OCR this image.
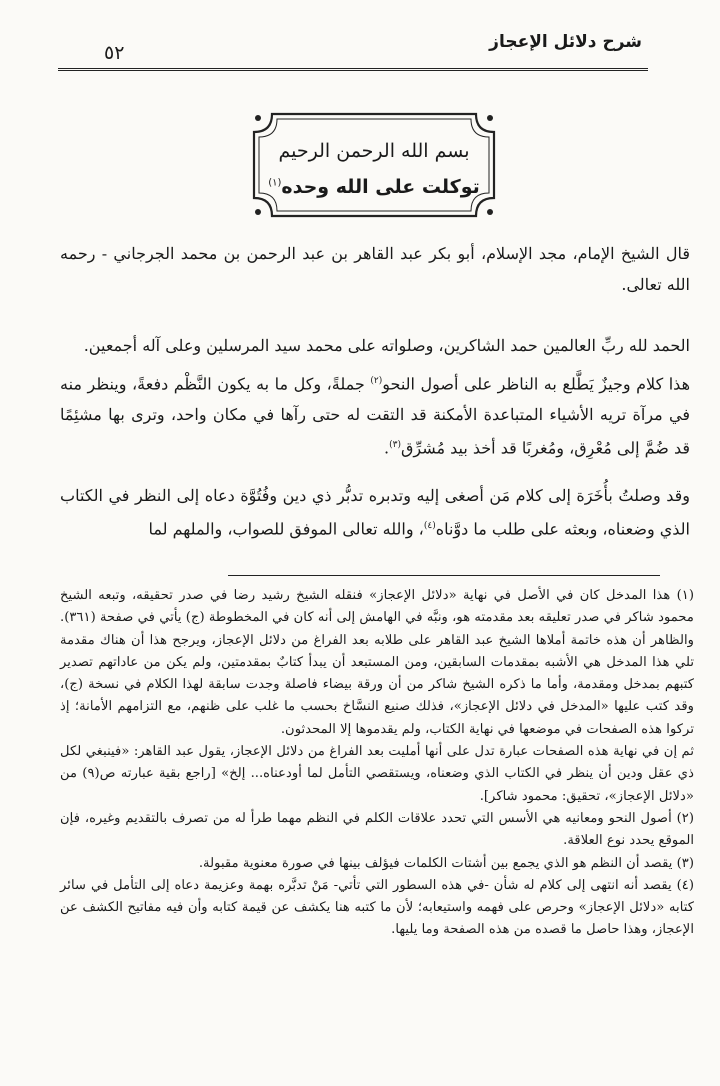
شرح دلائل الإعجاز
٥٢
بسم الله الرحمن الرحيم
توكلت على الله وحده$^{(١)}$
قال الشيخ الإمام، مجد الإسلام، أبو بكر عبد القاهر بن عبد الرحمن بن محمد الجرجاني - رحمه الله تعالى.
الحمد لله ربِّ العالمين حمد الشاكرين، وصلواته على محمد سيد المرسلين وعلى آله أجمعين.
هذا كلام وجيزٌ يَطَّلع به الناظر على أصول النحو$^{(٢)}$ جملةً، وكل ما به يكون النَّظْم دفعةً، وينظر منه في مرآة تريه الأشياء المتباعدة الأمكنة قد التقت له حتى رآها في مكان واحد، وترى بها مشئِمًا قد ضُمَّ إلى مُعْرِق، ومُغربًا قد أخذ بيد مُشرِّق$^{(٣)}$.
وقد وصلتُ بأُخَرَة إلى كلام مَن أصغى إليه وتدبره تدبُّر ذي دين وفُتُوَّة دعاه إلى النظر في الكتاب الذي وضعناه، وبعثه على طلب ما دوَّناه$^{(٤)}$، والله تعالى الموفق للصواب، والملهم لما
(١) هذا المدخل كان في الأصل في نهاية «دلائل الإعجاز» فنقله الشيخ رشيد رضا في صدر تحقيقه، وتبعه الشيخ محمود شاكر في صدر تعليقه بعد مقدمته هو، ونبَّه في الهامش إلى أنه كان في المخطوطة (ج) يأتي في صفحة (٣٦١). والظاهر أن هذه خاتمة أملاها الشيخ عبد القاهر على طلابه بعد الفراغ من دلائل الإعجاز، ويرجح هذا أن هناك مقدمة تلي هذا المدخل هي الأشبه بمقدمات السابقين، ومن المستبعد أن يبدأ كتابٌ بمقدمتين، ولم يكن من عاداتهم تصدير كتبهم بمدخل ومقدمة، وأما ما ذكره الشيخ شاكر من أن ورقة بيضاء فاصلة وجدت سابقة لهذا الكلام في نسخة (ج)، وقد كتب عليها «المدخل في دلائل الإعجاز»، فذلك صنيع النسَّاخ بحسب ما غلب على ظنهم، مع التزامهم الأمانة؛ إذ تركوا هذه الصفحات في موضعها في نهاية الكتاب، ولم يقدموها إلا المحدثون.
ثم إن في نهاية هذه الصفحات عبارة تدل على أنها أمليت بعد الفراغ من دلائل الإعجاز، يقول عبد القاهر: «فينبغي لكل ذي عقل ودين أن ينظر في الكتاب الذي وضعناه، ويستقصي التأمل لما أودعناه... إلخ» [راجع بقية عبارته ص(٩) من «دلائل الإعجاز»، تحقيق: محمود شاكر].
(٢) أصول النحو ومعانيه هي الأسس التي تحدد علاقات الكلم في النظم مهما طرأ له من تصرف بالتقديم وغيره، فإن الموقع يحدد نوع العلاقة.
(٣) يقصد أن النظم هو الذي يجمع بين أشتات الكلمات فيؤلف بينها في صورة معنوية مقبولة.
(٤) يقصد أنه انتهى إلى كلام له شأن -في هذه السطور التي تأتي- مَنْ تدبَّره بهمة وعزيمة دعاه إلى التأمل في سائر كتابه «دلائل الإعجاز» وحرص على فهمه واستيعابه؛ لأن ما كتبه هنا يكشف عن قيمة كتابه وأن فيه مفاتيح الكشف عن الإعجاز، وهذا حاصل ما قصده من هذه الصفحة وما يليها.
